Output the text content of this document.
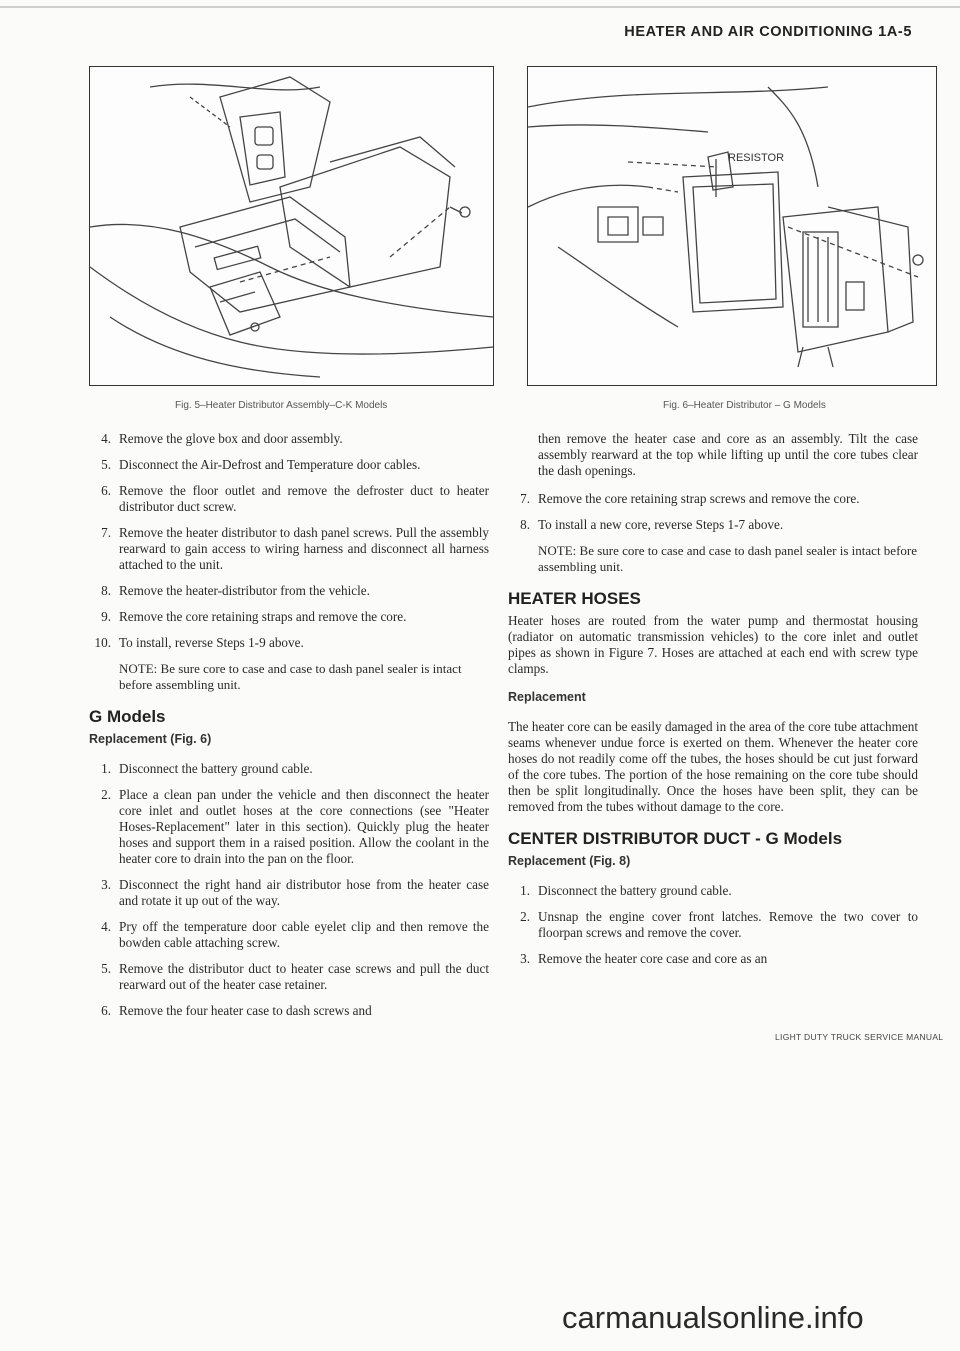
HEATER AND AIR CONDITIONING 1A-5
Fig. 5–Heater Distributor Assembly–C-K Models
RESISTOR
Fig. 6–Heater Distributor – G Models
4. Remove the glove box and door assembly.
5. Disconnect the Air-Defrost and Temperature door cables.
6. Remove the floor outlet and remove the defroster duct to heater distributor duct screw.
7. Remove the heater distributor to dash panel screws. Pull the assembly rearward to gain access to wiring harness and disconnect all harness attached to the unit.
8. Remove the heater-distributor from the vehicle.
9. Remove the core retaining straps and remove the core.
10. To install, reverse Steps 1-9 above.
NOTE: Be sure core to case and case to dash panel sealer is intact before assembling unit.
G Models
Replacement (Fig. 6)
1. Disconnect the battery ground cable.
2. Place a clean pan under the vehicle and then disconnect the heater core inlet and outlet hoses at the core connections (see "Heater Hoses-Replacement" later in this section). Quickly plug the heater hoses and support them in a raised position. Allow the coolant in the heater core to drain into the pan on the floor.
3. Disconnect the right hand air distributor hose from the heater case and rotate it up out of the way.
4. Pry off the temperature door cable eyelet clip and then remove the bowden cable attaching screw.
5. Remove the distributor duct to heater case screws and pull the duct rearward out of the heater case retainer.
6. Remove the four heater case to dash screws and
then remove the heater case and core as an assembly. Tilt the case assembly rearward at the top while lifting up until the core tubes clear the dash openings.
7. Remove the core retaining strap screws and remove the core.
8. To install a new core, reverse Steps 1-7 above.
NOTE: Be sure core to case and case to dash panel sealer is intact before assembling unit.
HEATER HOSES
Heater hoses are routed from the water pump and thermostat housing (radiator on automatic transmission vehicles) to the core inlet and outlet pipes as shown in Figure 7. Hoses are attached at each end with screw type clamps.
Replacement
The heater core can be easily damaged in the area of the core tube attachment seams whenever undue force is exerted on them. Whenever the heater core hoses do not readily come off the tubes, the hoses should be cut just forward of the core tubes. The portion of the hose remaining on the core tube should then be split longitudinally. Once the hoses have been split, they can be removed from the tubes without damage to the core.
CENTER DISTRIBUTOR DUCT - G Models
Replacement (Fig. 8)
1. Disconnect the battery ground cable.
2. Unsnap the engine cover front latches. Remove the two cover to floorpan screws and remove the cover.
3. Remove the heater core case and core as an
LIGHT DUTY TRUCK SERVICE MANUAL
carmanualsonline.info
